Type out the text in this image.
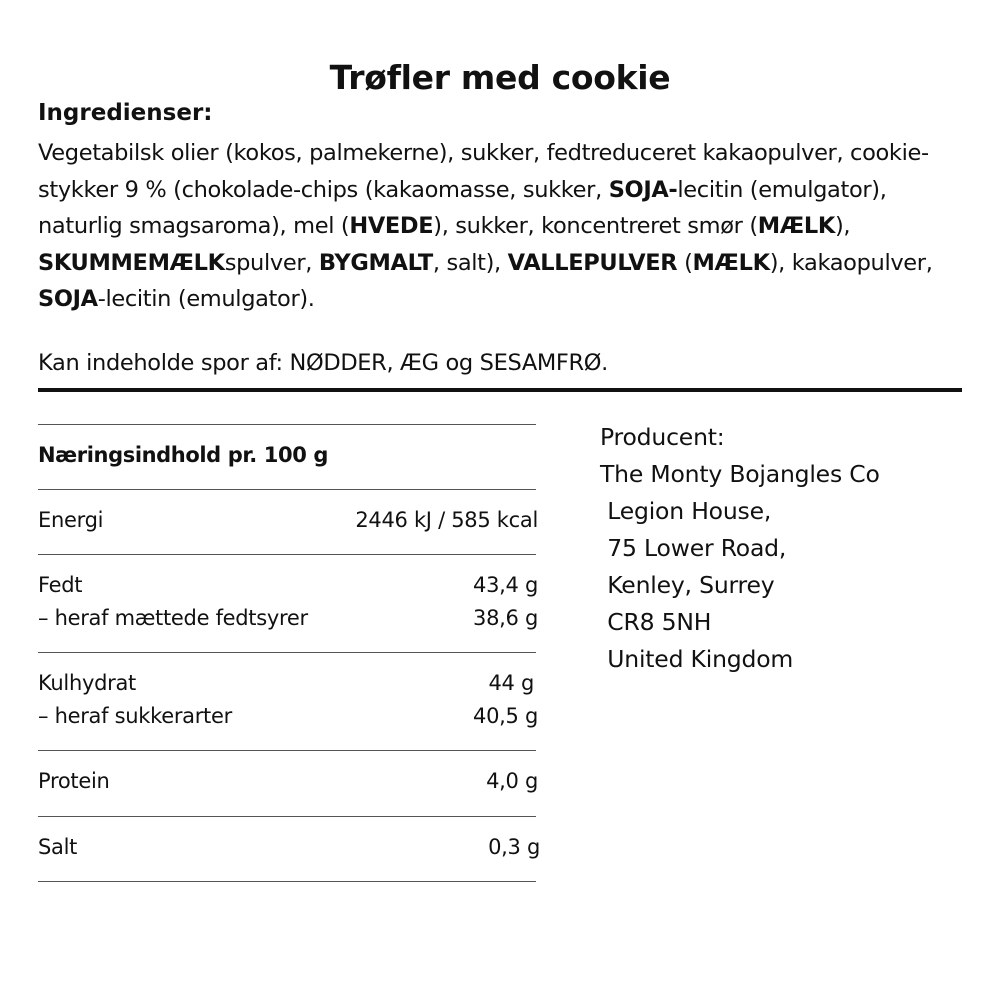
Trøfler med cookie
Ingredienser:
Vegetabilsk olier (kokos, palmekerne), sukker, fedtreduceret kakaopulver, cookie-stykker 9 % (chokolade-chips (kakaomasse, sukker, SOJA-lecitin (emulgator), naturlig smagsaroma), mel (HVEDE), sukker, koncentreret smør (MÆLK), SKUMMEMÆLKspulver, BYGMALT, salt), VALLEPULVER (MÆLK), kakaopulver, SOJA-lecitin (emulgator).
Kan indeholde spor af: NØDDER, ÆG og SESAMFRØ.
Næringsindhold pr. 100 g
Energi	2446 kJ / 585 kcal
Fedt	43,4 g
– heraf mættede fedtsyrer	38,6 g
Kulhydrat	44 g
– heraf sukkerarter	40,5 g
Protein	4,0 g
Salt	0,3 g
Producent:
The Monty Bojangles Co
Legion House,
75 Lower Road,
Kenley, Surrey
CR8 5NH
United Kingdom
